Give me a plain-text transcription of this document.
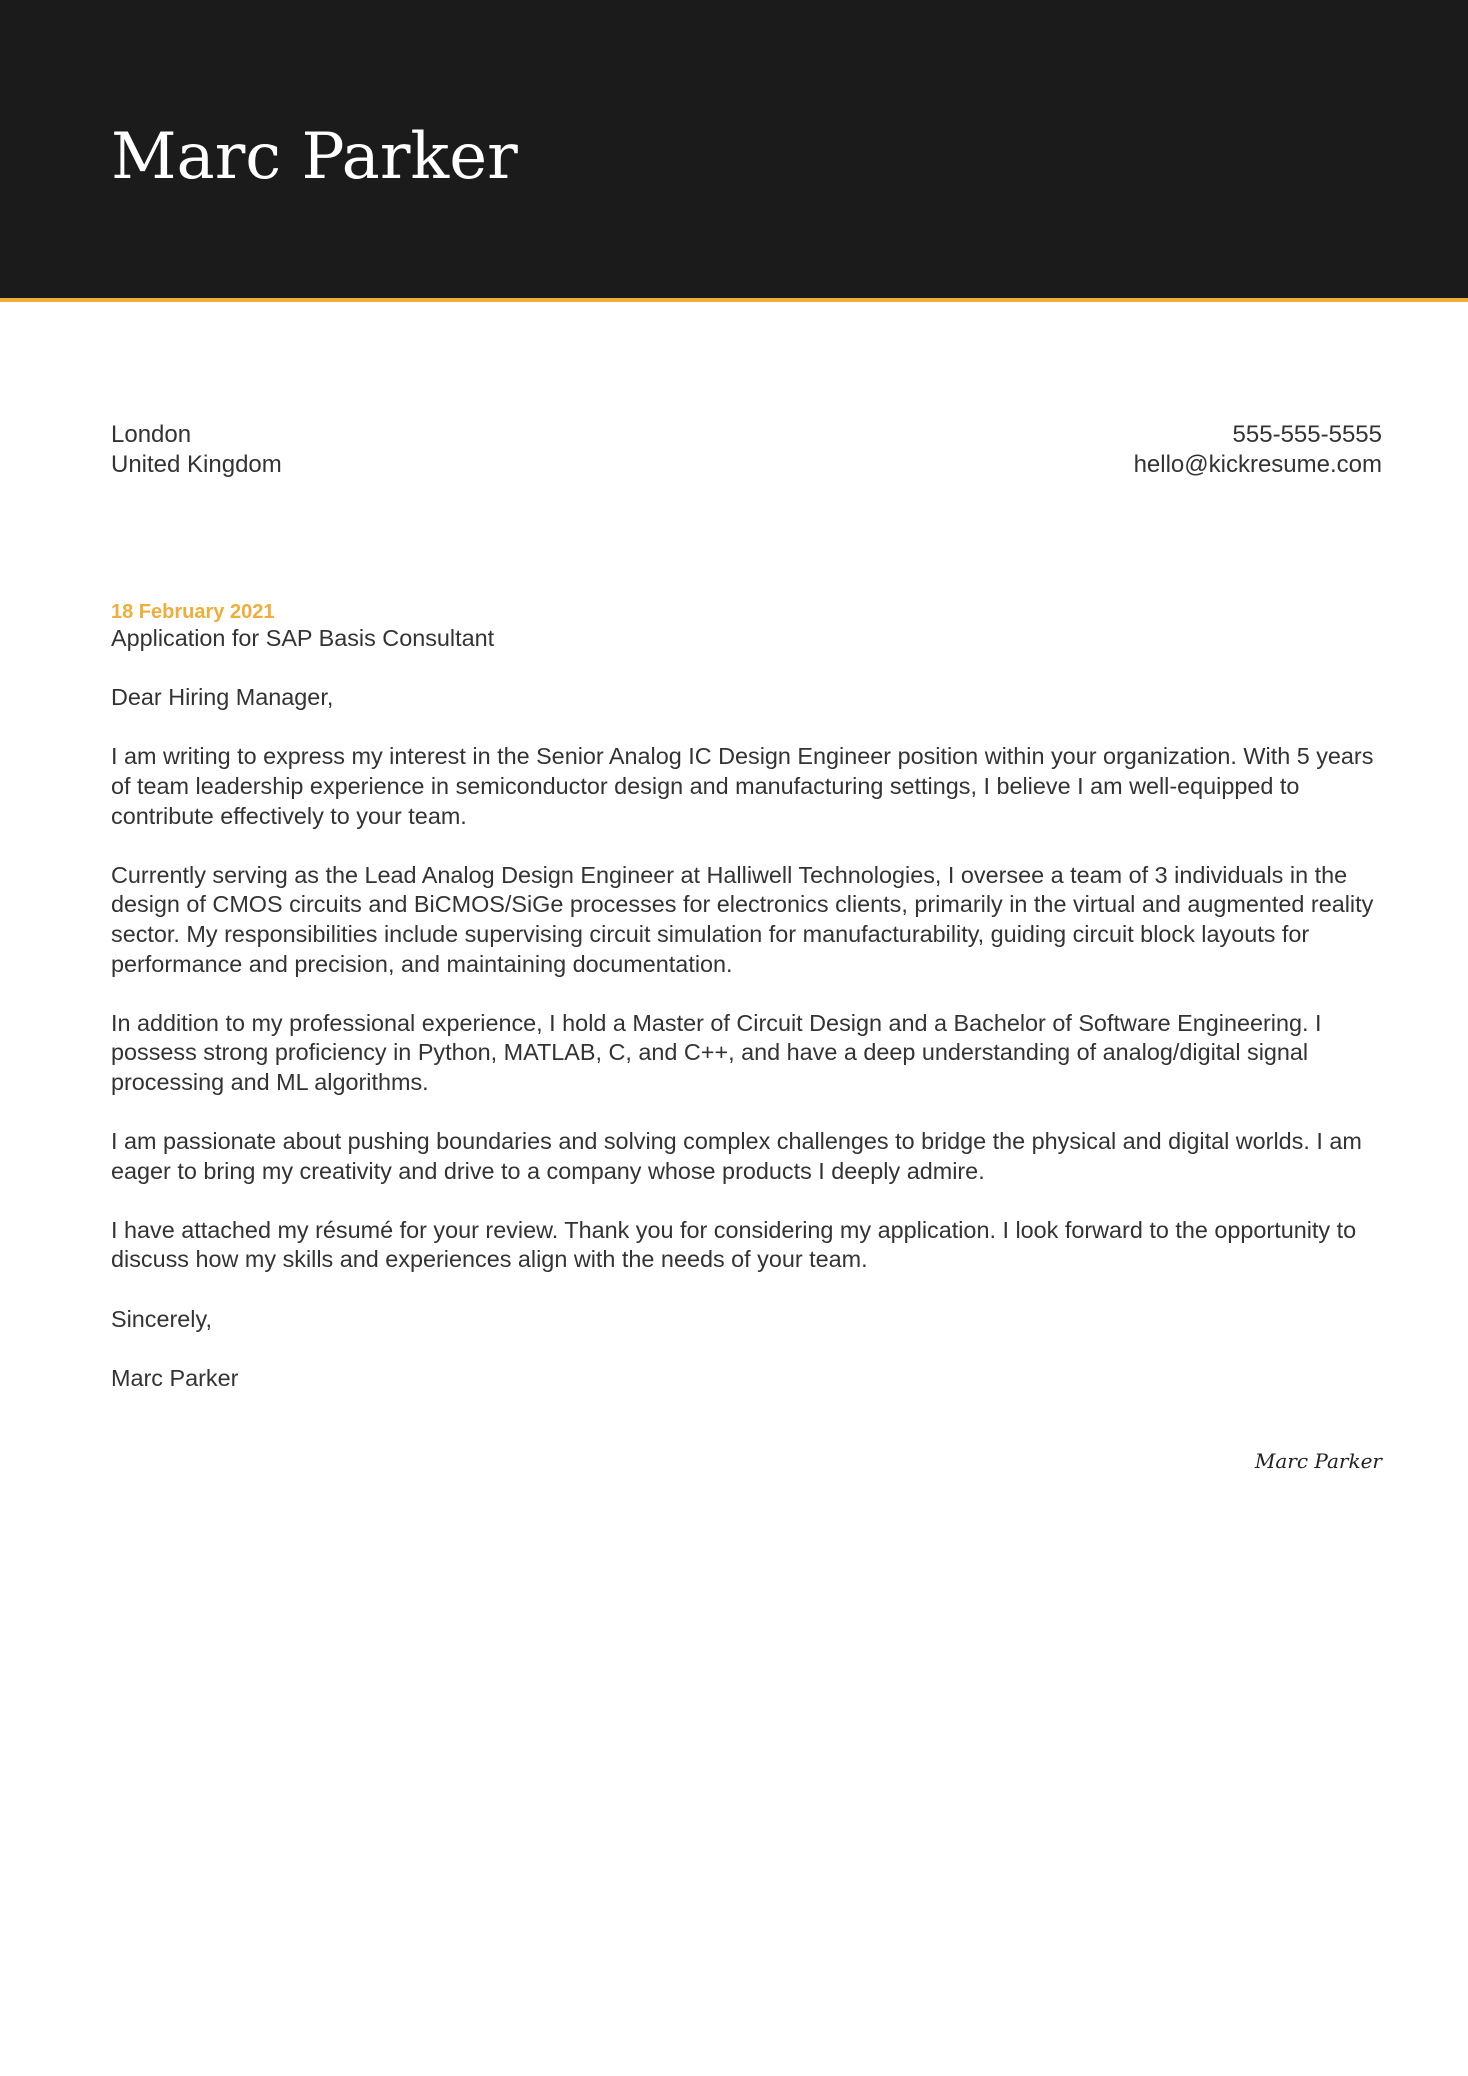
Marc Parker
London
United Kingdom
555-555-5555
hello@kickresume.com

18 February 2021

Application for SAP Basis Consultant

Dear Hiring Manager,

I am writing to express my interest in the Senior Analog IC Design Engineer position within your organization. With 5 years of team leadership experience in semiconductor design and manufacturing settings, I believe I am well-equipped to contribute effectively to your team.

Currently serving as the Lead Analog Design Engineer at Halliwell Technologies, I oversee a team of 3 individuals in the design of CMOS circuits and BiCMOS/SiGe processes for electronics clients, primarily in the virtual and augmented reality sector. My responsibilities include supervising circuit simulation for manufacturability, guiding circuit block layouts for performance and precision, and maintaining documentation.

In addition to my professional experience, I hold a Master of Circuit Design and a Bachelor of Software Engineering. I possess strong proficiency in Python, MATLAB, C, and C++, and have a deep understanding of analog/digital signal processing and ML algorithms.

I am passionate about pushing boundaries and solving complex challenges to bridge the physical and digital worlds. I am eager to bring my creativity and drive to a company whose products I deeply admire.

I have attached my résumé for your review. Thank you for considering my application. I look forward to the opportunity to discuss how my skills and experiences align with the needs of your team.

Sincerely,

Marc Parker

Marc Parker
